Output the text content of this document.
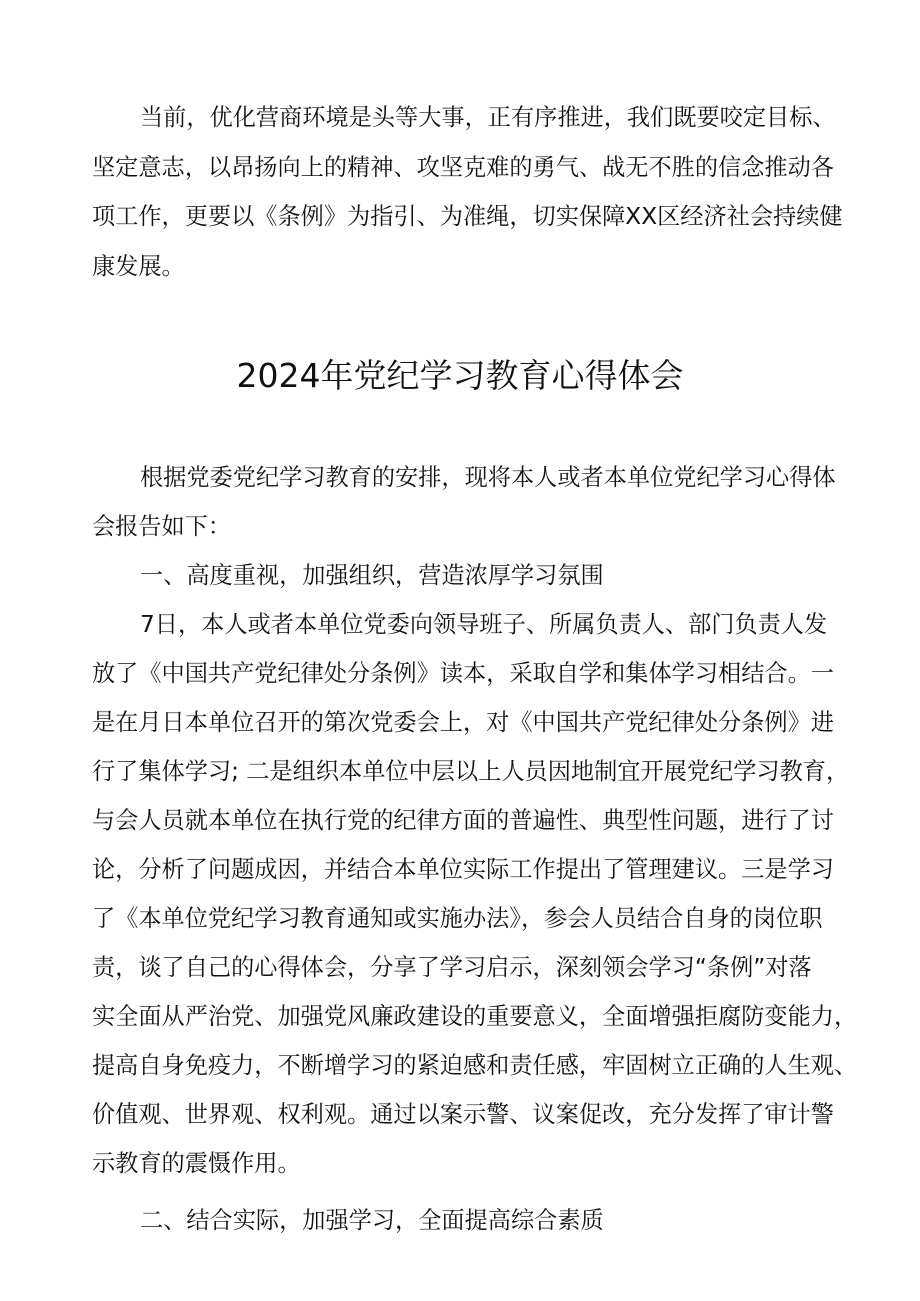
当前，优化营商环境是头等大事，正有序推进，我们既要咬定目标、

坚定意志，以昂扬向上的精神、攻坚克难的勇气、战无不胜的信念推动各

项工作，更要以《条例》为指引、为准绳，切实保障XX区经济社会持续健

康发展。

2024年党纪学习教育心得体会

根据党委党纪学习教育的安排，现将本人或者本单位党纪学习心得体

会报告如下：

一、高度重视，加强组织，营造浓厚学习氛围

7日，本人或者本单位党委向领导班子、所属负责人、部门负责人发

放了《中国共产党纪律处分条例》读本，采取自学和集体学习相结合。一

是在月日本单位召开的第次党委会上，对《中国共产党纪律处分条例》进

行了集体学习; 二是组织本单位中层以上人员因地制宜开展党纪学习教育，

与会人员就本单位在执行党的纪律方面的普遍性、典型性问题，进行了讨

论，分析了问题成因，并结合本单位实际工作提出了管理建议。三是学习

了《本单位党纪学习教育通知或实施办法》，参会人员结合自身的岗位职

责，谈了自己的心得体会，分享了学习启示，深刻领会学习“条例”对落

实全面从严治党、加强党风廉政建设的重要意义，全面增强拒腐防变能力，

提高自身免疫力，不断增学习的紧迫感和责任感，牢固树立正确的人生观、

价值观、世界观、权利观。通过以案示警、议案促改，充分发挥了审计警

示教育的震慑作用。

二、结合实际，加强学习，全面提高综合素质
